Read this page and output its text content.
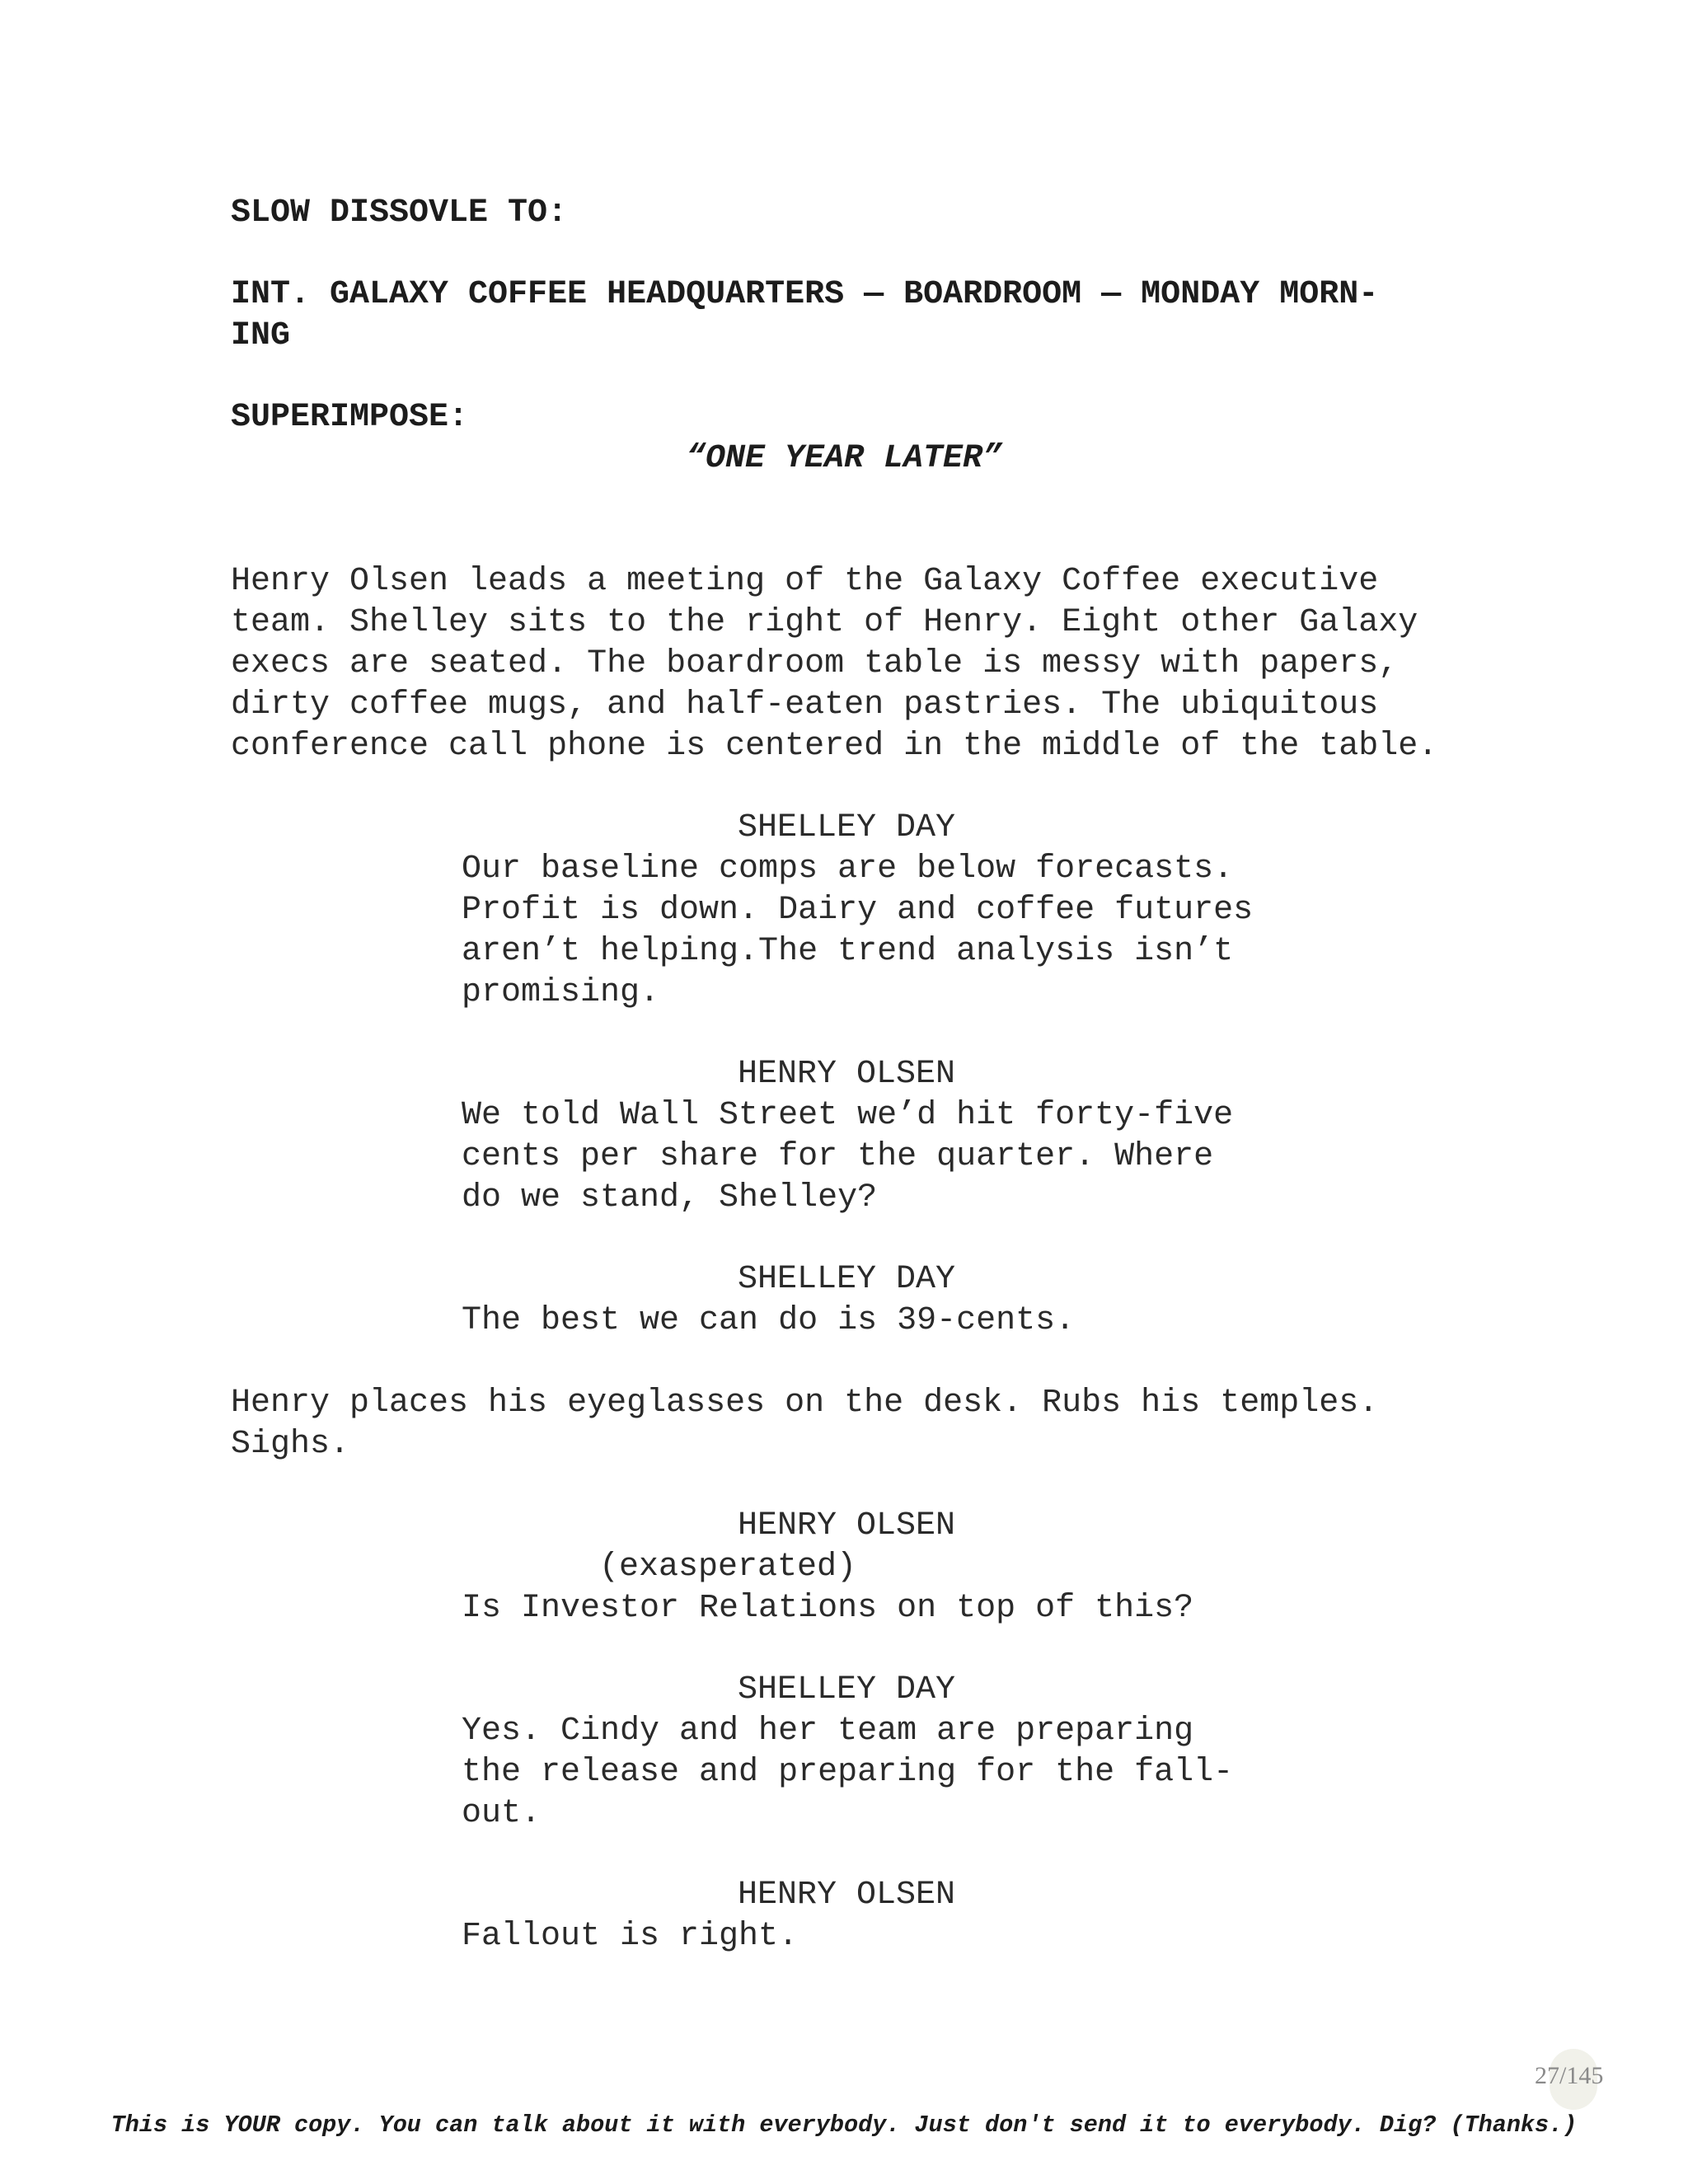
SLOW DISSOVLE TO:
INT. GALAXY COFFEE HEADQUARTERS — BOARDROOM — MONDAY MORN-
ING
SUPERIMPOSE:
“ONE YEAR LATER”
Henry Olsen leads a meeting of the Galaxy Coffee executive
team. Shelley sits to the right of Henry. Eight other Galaxy
execs are seated. The boardroom table is messy with papers,
dirty coffee mugs, and half-eaten pastries. The ubiquitous
conference call phone is centered in the middle of the table.
SHELLEY DAY
Our baseline comps are below forecasts.
Profit is down. Dairy and coffee futures
aren’t helping.The trend analysis isn’t
promising.
HENRY OLSEN
We told Wall Street we’d hit forty-five
cents per share for the quarter. Where
do we stand, Shelley?
SHELLEY DAY
The best we can do is 39-cents.
Henry places his eyeglasses on the desk. Rubs his temples.
Sighs.
HENRY OLSEN
(exasperated)
Is Investor Relations on top of this?
SHELLEY DAY
Yes. Cindy and her team are preparing
the release and preparing for the fall-
out.
HENRY OLSEN
Fallout is right.
27/145
This is YOUR copy. You can talk about it with everybody. Just don't send it to everybody. Dig? (Thanks.)
